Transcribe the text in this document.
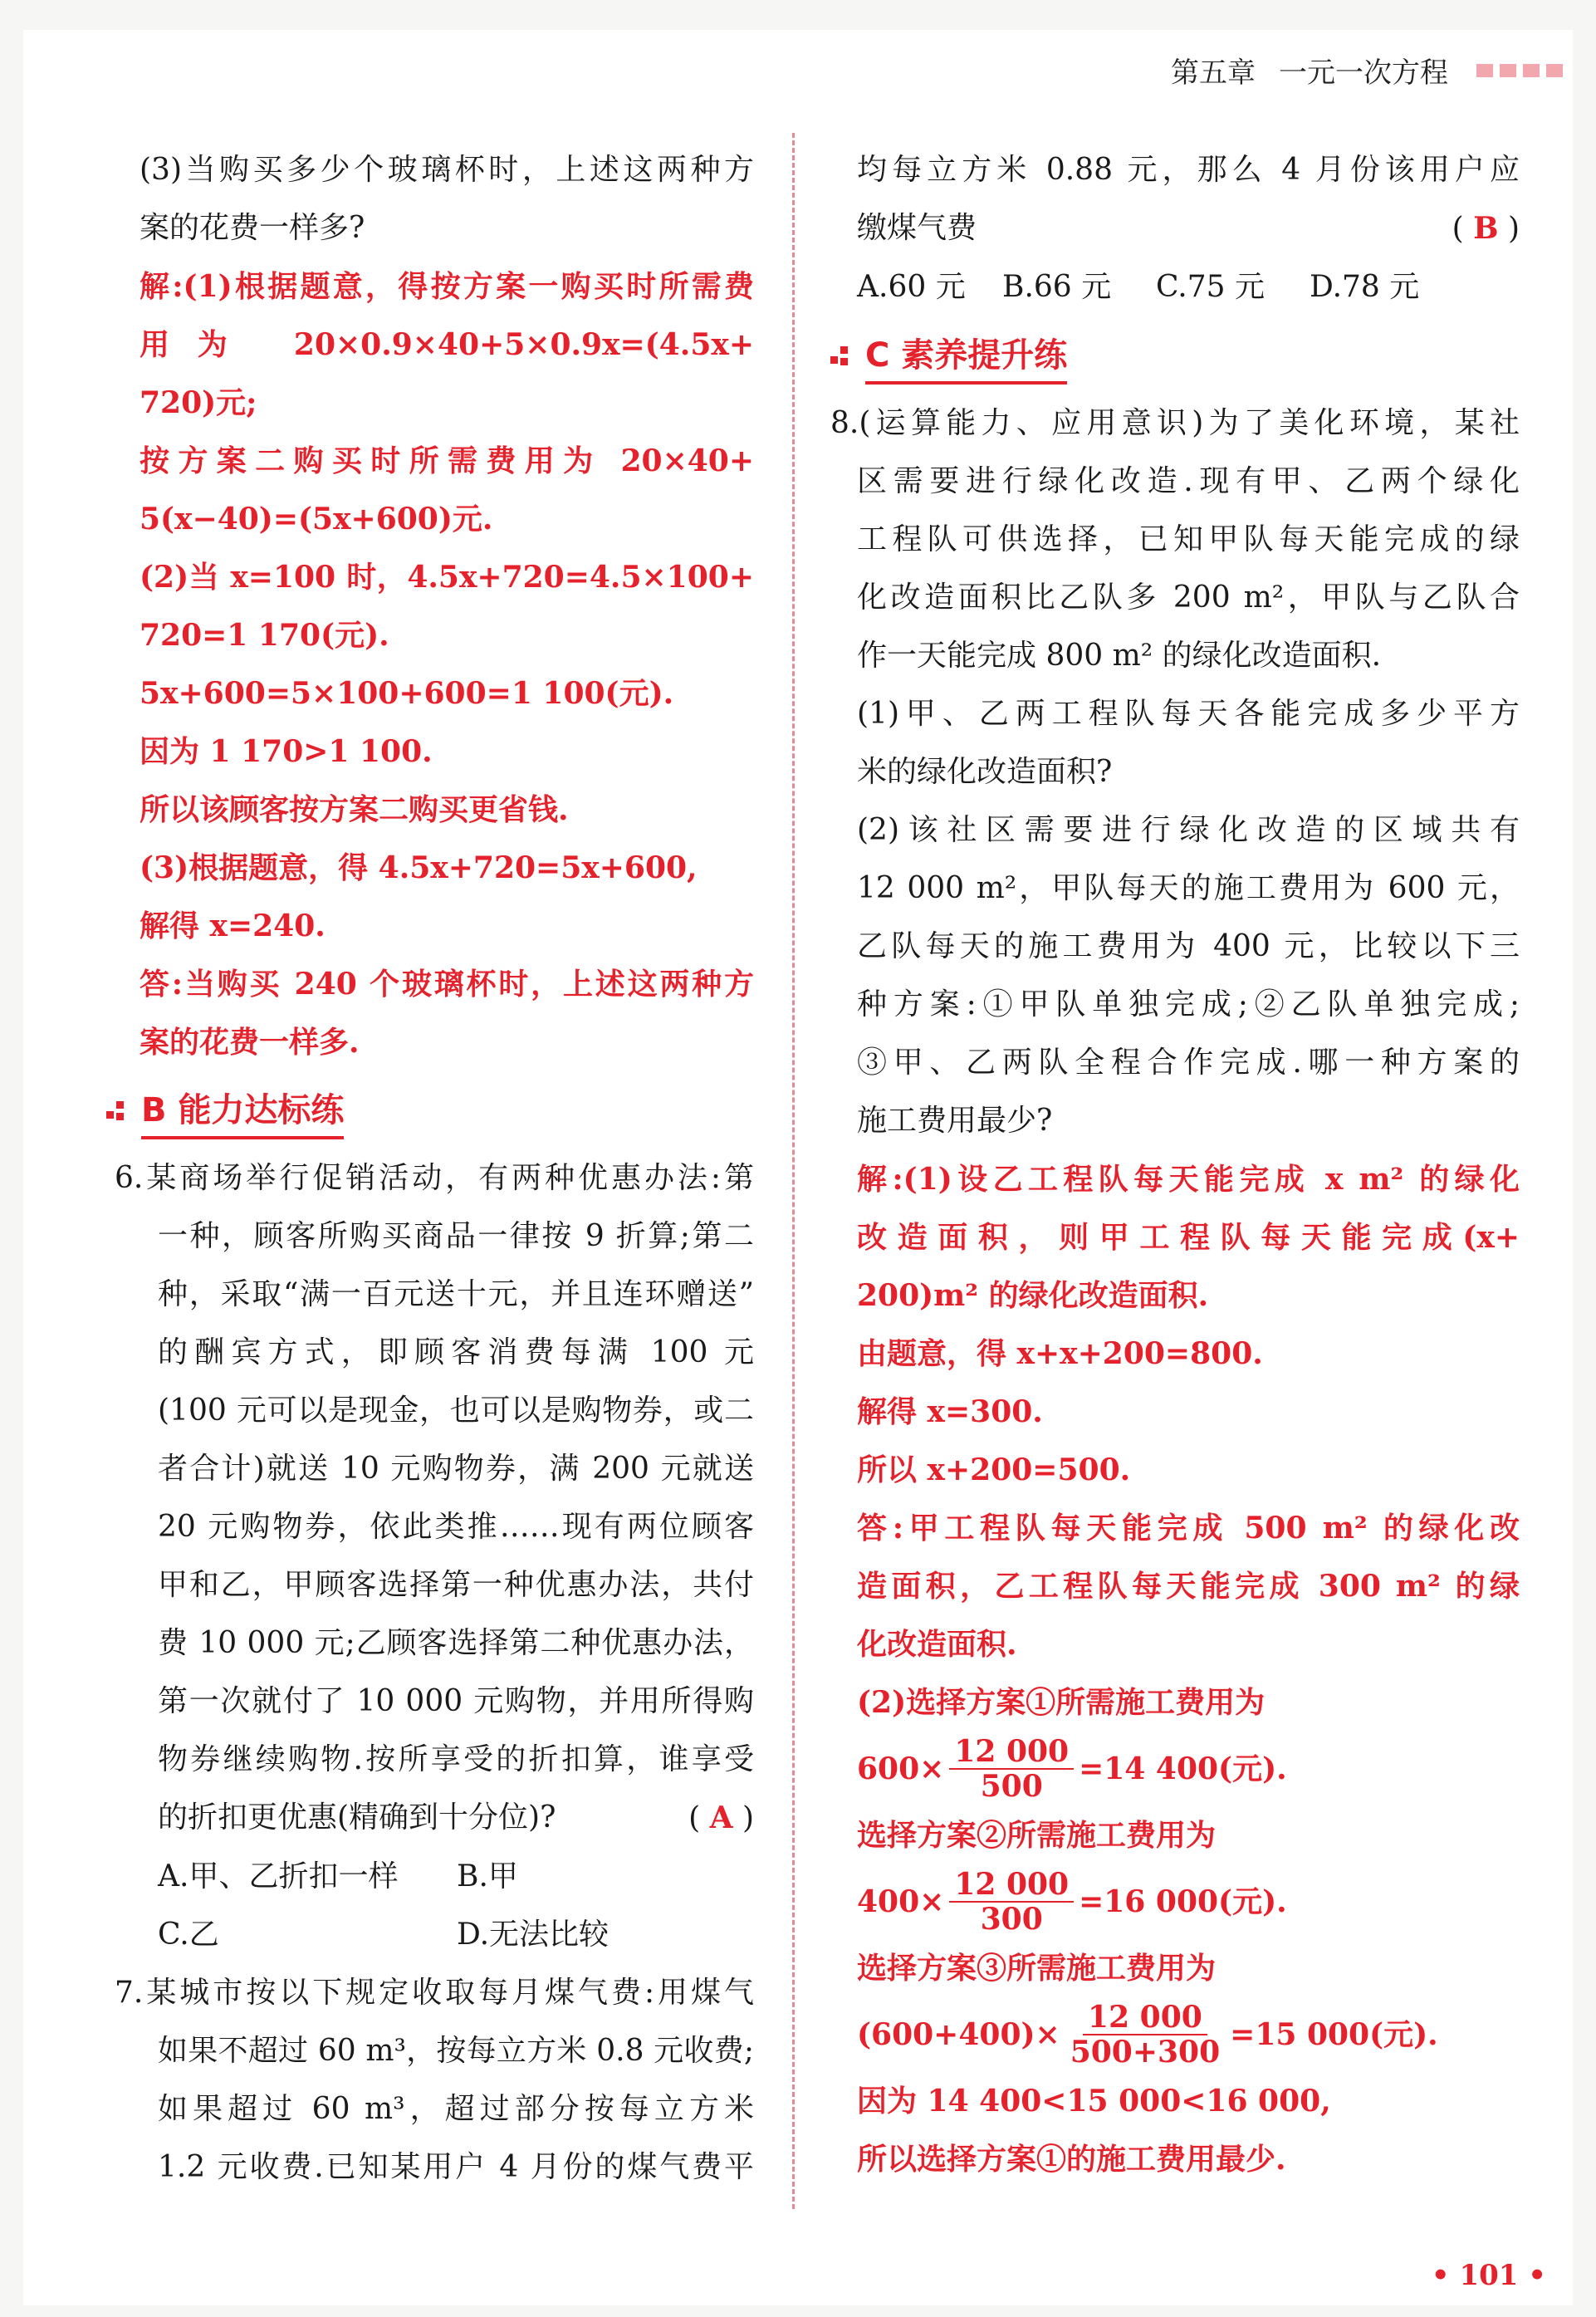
第五章 一元一次方程

(3)当购买多少个玻璃杯时，上述这两种方

案的花费一样多?

解:(1)根据题意，得按方案一购买时所需费

用为 20×0.9×40+5×0.9x=(4.5x+

720)元;

按方案二购买时所需费用为 20×40+

5(x−40)=(5x+600)元.

(2)当 x=100 时，4.5x+720=4.5×100+

720=1 170(元).

5x+600=5×100+600=1 100(元).

因为 1 170>1 100.

所以该顾客按方案二购买更省钱.

(3)根据题意，得 4.5x+720=5x+600,

解得 x=240.

答:当购买 240 个玻璃杯时，上述这两种方

案的花费一样多.

B 能力达标练

6.某商场举行促销活动，有两种优惠办法:第

一种，顾客所购买商品一律按 9 折算;第二

种，采取“满一百元送十元，并且连环赠送”

的酬宾方式，即顾客消费每满 100 元

(100 元可以是现金，也可以是购物券，或二

者合计)就送 10 元购物券，满 200 元就送

20 元购物券，依此类推……现有两位顾客

甲和乙，甲顾客选择第一种优惠办法，共付

费 10 000 元;乙顾客选择第二种优惠办法，

第一次就付了 10 000 元购物，并用所得购

物券继续购物.按所享受的折扣算，谁享受

的折扣更优惠(精确到十分位)?	( A )

A.甲、乙折扣一样	B.甲

C.乙	D.无法比较

7.某城市按以下规定收取每月煤气费:用煤气

如果不超过 60 m³，按每立方米 0.8 元收费;

如果超过 60 m³，超过部分按每立方米

1.2 元收费.已知某用户 4 月份的煤气费平

均每立方米 0.88 元，那么 4 月份该用户应

缴煤气费	( B )

A.60 元	B.66 元	C.75 元	D.78 元

C 素养提升练

8.(运算能力、应用意识)为了美化环境，某社

区需要进行绿化改造.现有甲、乙两个绿化

工程队可供选择，已知甲队每天能完成的绿

化改造面积比乙队多 200 m²，甲队与乙队合

作一天能完成 800 m² 的绿化改造面积.

(1)甲、乙两工程队每天各能完成多少平方

米的绿化改造面积?

(2)该社区需要进行绿化改造的区域共有

12 000 m²，甲队每天的施工费用为 600 元，

乙队每天的施工费用为 400 元，比较以下三

种方案:①甲队单独完成;②乙队单独完成;

③甲、乙两队全程合作完成.哪一种方案的

施工费用最少?

解:(1)设乙工程队每天能完成 x m² 的绿化

改造面积，则甲工程队每天能完成(x+

200)m² 的绿化改造面积.

由题意，得 x+x+200=800.

解得 x=300.

所以 x+200=500.

答:甲工程队每天能完成 500 m² 的绿化改

造面积，乙工程队每天能完成 300 m² 的绿

化改造面积.

(2)选择方案①所需施工费用为

$600\times \frac{12 000}{500} =14$ 400(元).

选择方案②所需施工费用为

$400\times \frac{12 000}{300} =16$ 000(元).

选择方案③所需施工费用为

$(600+400)\times \frac{12 000}{500+300} =15$ 000(元).

因为 14 400<15 000<16 000,

所以选择方案①的施工费用最少.

• 101 •
